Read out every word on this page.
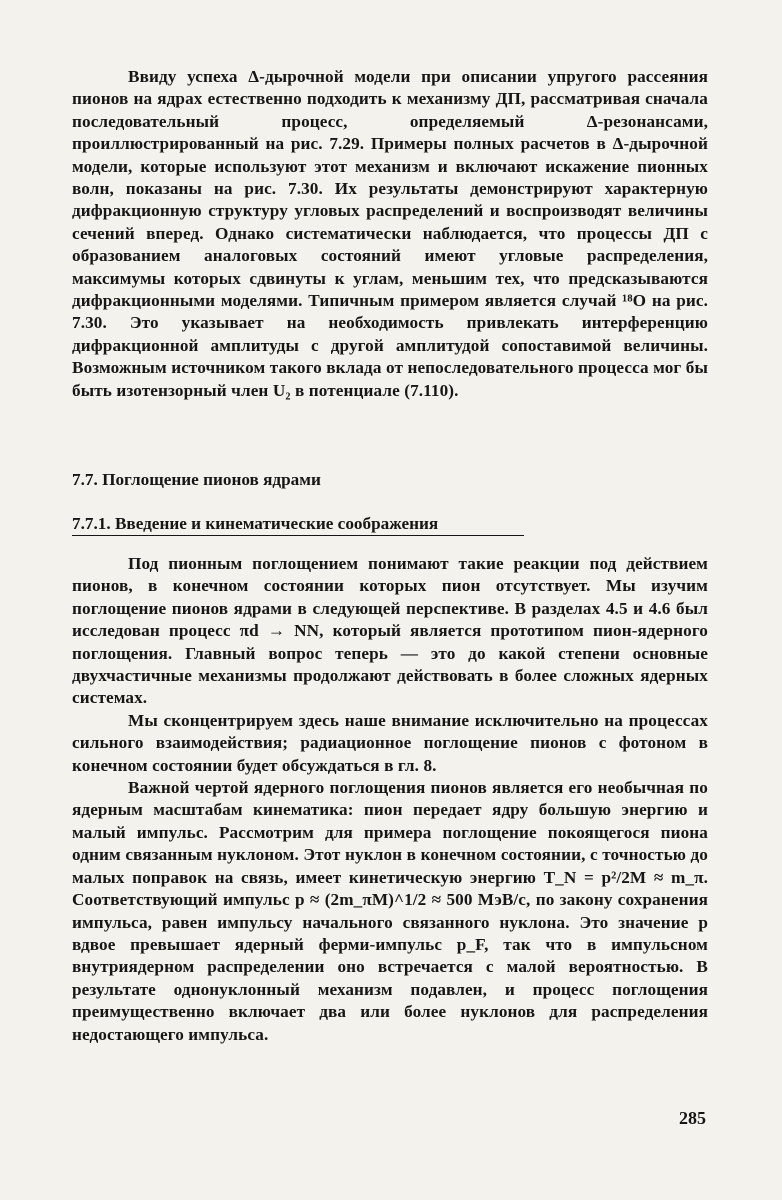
Ввиду успеха Δ-дырочной модели при описании упругого рассеяния пионов на ядрах естественно подходить к механизму ДП, рассматривая сначала последовательный процесс, определяемый Δ-резонансами, проиллюстрированный на рис. 7.29. Примеры полных расчетов в Δ-дырочной модели, которые используют этот механизм и включают искажение пионных волн, показаны на рис. 7.30. Их результаты демонстрируют характерную дифракционную структуру угловых распределений и воспроизводят величины сечений вперед. Однако систематически наблюдается, что процессы ДП с образованием аналоговых состояний имеют угловые распределения, максимумы которых сдвинуты к углам, меньшим тех, что предсказываются дифракционными моделями. Типичным примером является случай ¹⁸O на рис. 7.30. Это указывает на необходимость привлекать интерференцию дифракционной амплитуды с другой амплитудой сопоставимой величины. Возможным источником такого вклада от непоследовательного процесса мог бы быть изотензорный член U₂ в потенциале (7.110).

7.7. Поглощение пионов ядрами
7.7.1. Введение и кинематические соображения

Под пионным поглощением понимают такие реакции под действием пионов, в конечном состоянии которых пион отсутствует. Мы изучим поглощение пионов ядрами в следующей перспективе. В разделах 4.5 и 4.6 был исследован процесс πd → NN, который является прототипом пион-ядерного поглощения. Главный вопрос теперь — это до какой степени основные двухчастичные механизмы продолжают действовать в более сложных ядерных системах.

Мы сконцентрируем здесь наше внимание исключительно на процессах сильного взаимодействия; радиационное поглощение пионов с фотоном в конечном состоянии будет обсуждаться в гл. 8.

Важной чертой ядерного поглощения пионов является его необычная по ядерным масштабам кинематика: пион передает ядру большую энергию и малый импульс. Рассмотрим для примера поглощение покоящегося пиона одним связанным нуклоном. Этот нуклон в конечном состоянии, с точностью до малых поправок на связь, имеет кинетическую энергию T_N = p²/2M ≈ m_π. Соответствующий импульс p ≈ (2m_πM)^1/2 ≈ 500 МэВ/c, по закону сохранения импульса, равен импульсу начального связанного нуклона. Это значение p вдвое превышает ядерный ферми-импульс p_F, так что в импульсном внутриядерном распределении оно встречается с малой вероятностью. В результате однонуклонный механизм подавлен, и процесс поглощения преимущественно включает два или более нуклонов для распределения недостающего импульса.

285
